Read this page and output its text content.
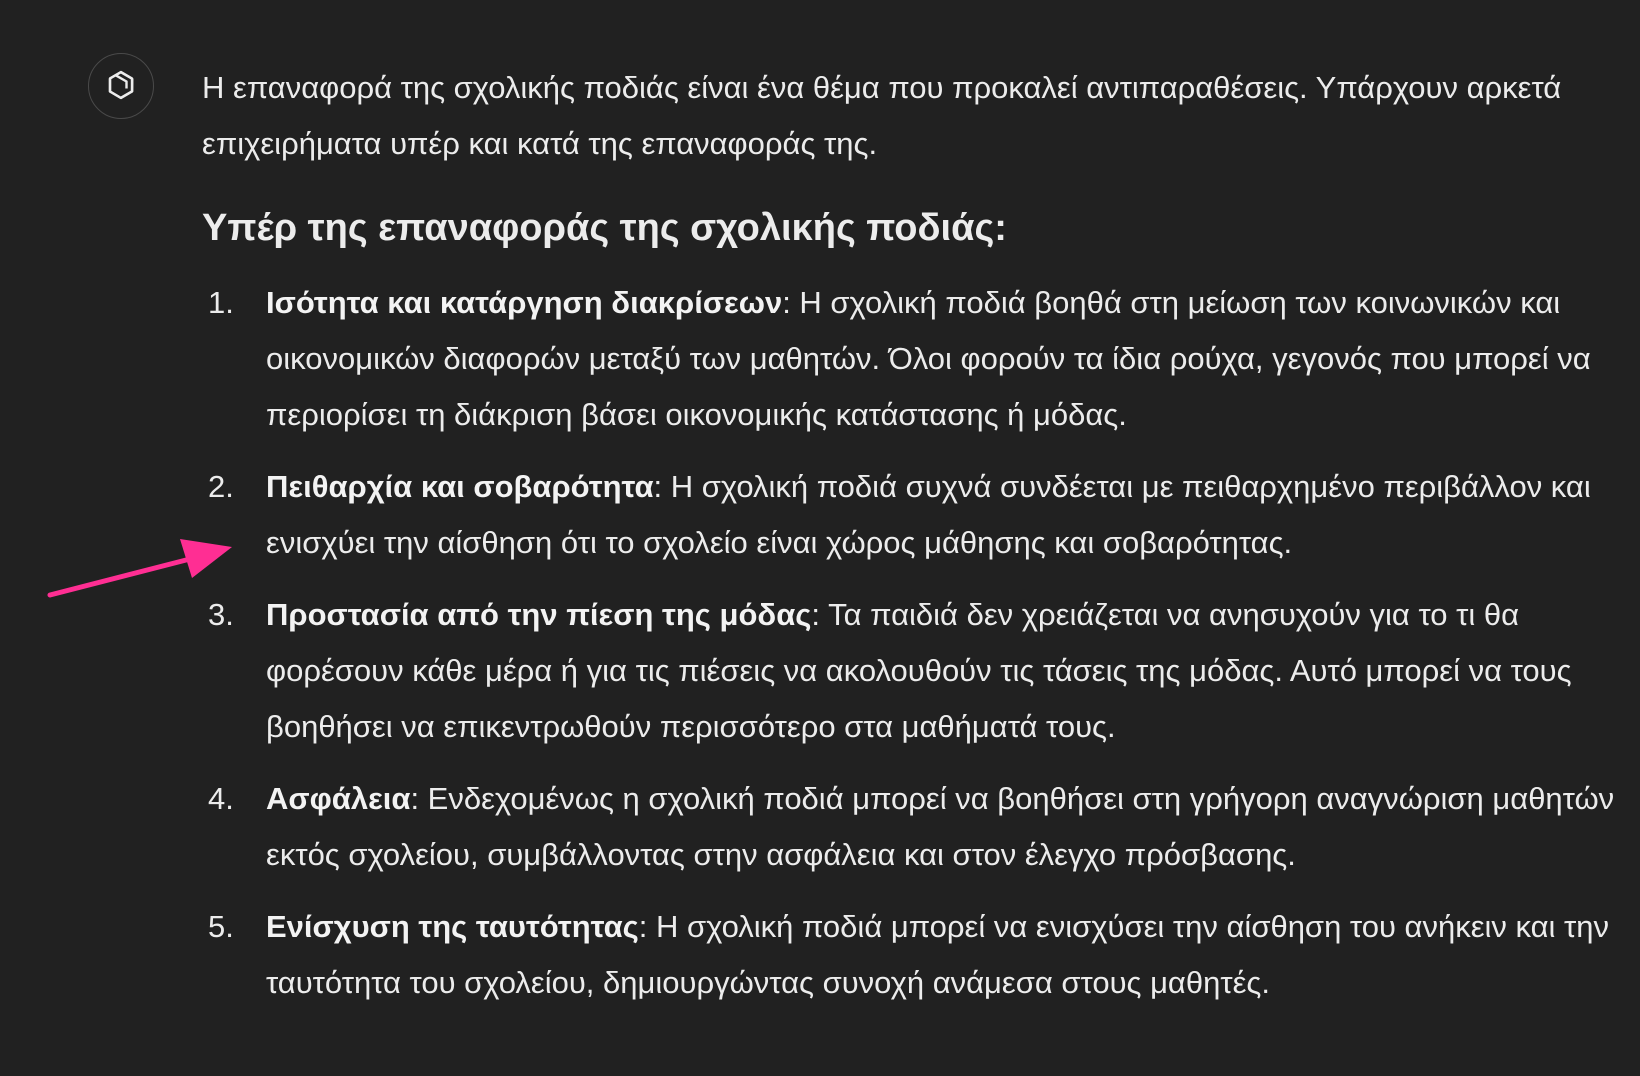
Η επαναφορά της σχολικής ποδιάς είναι ένα θέμα που προκαλεί αντιπαραθέσεις. Υπάρχουν αρκετά επιχειρήματα υπέρ και κατά της επαναφοράς της.

Υπέρ της επαναφοράς της σχολικής ποδιάς:
1. Ισότητα και κατάργηση διακρίσεων: Η σχολική ποδιά βοηθά στη μείωση των κοινωνικών και οικονομικών διαφορών μεταξύ των μαθητών. Όλοι φορούν τα ίδια ρούχα, γεγονός που μπορεί να περιορίσει τη διάκριση βάσει οικονομικής κατάστασης ή μόδας.
2. Πειθαρχία και σοβαρότητα: Η σχολική ποδιά συχνά συνδέεται με πειθαρχημένο περιβάλλον και ενισχύει την αίσθηση ότι το σχολείο είναι χώρος μάθησης και σοβαρότητας.
3. Προστασία από την πίεση της μόδας: Τα παιδιά δεν χρειάζεται να ανησυχούν για το τι θα φορέσουν κάθε μέρα ή για τις πιέσεις να ακολουθούν τις τάσεις της μόδας. Αυτό μπορεί να τους βοηθήσει να επικεντρωθούν περισσότερο στα μαθήματά τους.
4. Ασφάλεια: Ενδεχομένως η σχολική ποδιά μπορεί να βοηθήσει στη γρήγορη αναγνώριση μαθητών εκτός σχολείου, συμβάλλοντας στην ασφάλεια και στον έλεγχο πρόσβασης.
5. Ενίσχυση της ταυτότητας: Η σχολική ποδιά μπορεί να ενισχύσει την αίσθηση του ανήκειν και την ταυτότητα του σχολείου, δημιουργώντας συνοχή ανάμεσα στους μαθητές.
